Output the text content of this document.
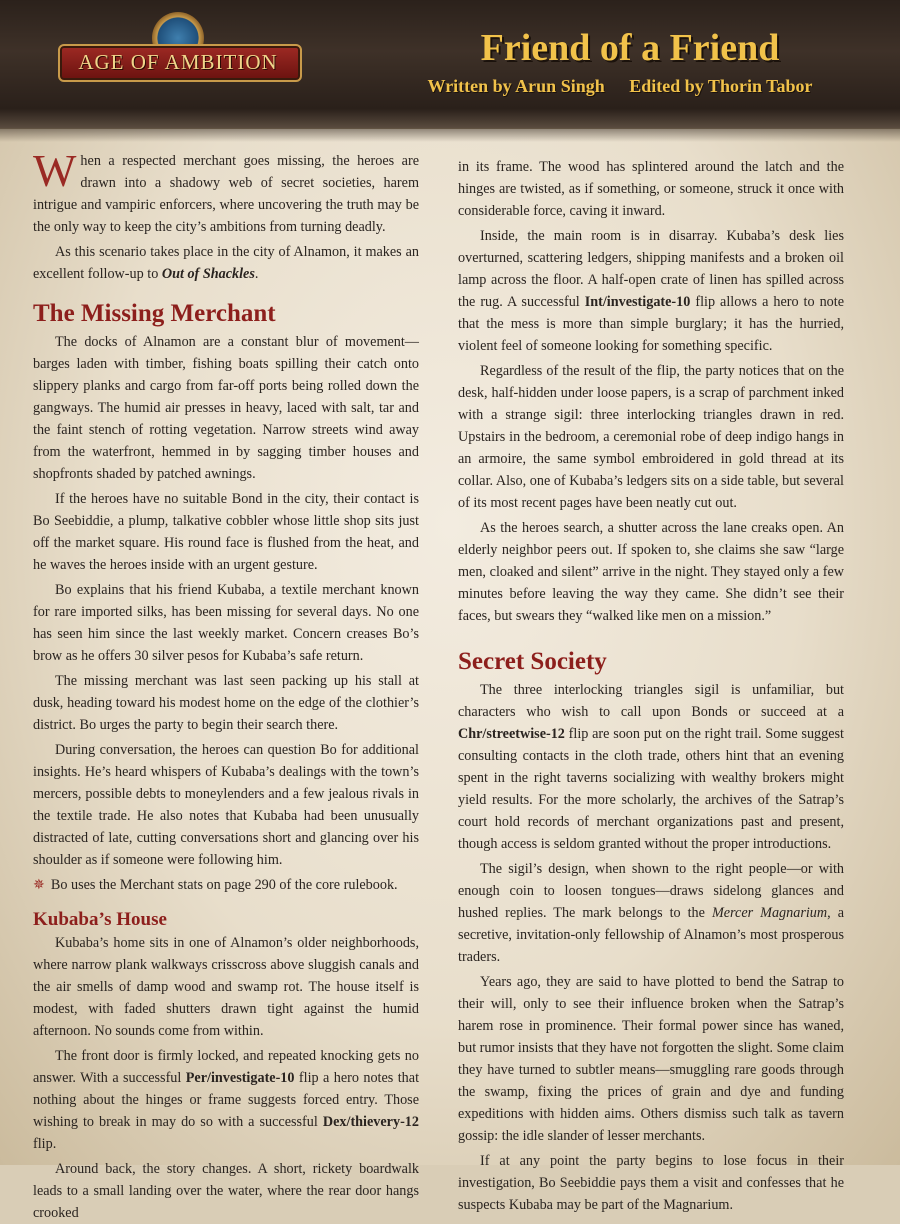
AGE OF AMBITION	Friend of a Friend
Written by Arun Singh Edited by Thorin Tabor

When a respected merchant goes missing, the heroes are drawn into a shadowy web of secret societies, harem intrigue and vampiric enforcers, where uncovering the truth may be the only way to keep the city’s ambitions from turning deadly.

As this scenario takes place in the city of Alnamon, it makes an excellent follow-up to Out of Shackles.

The Missing Merchant

The docks of Alnamon are a constant blur of movement—barges laden with timber, fishing boats spilling their catch onto slippery planks and cargo from far-off ports being rolled down the gangways. The humid air presses in heavy, laced with salt, tar and the faint stench of rotting vegetation. Narrow streets wind away from the waterfront, hemmed in by sagging timber houses and shopfronts shaded by patched awnings.

If the heroes have no suitable Bond in the city, their contact is Bo Seebiddie, a plump, talkative cobbler whose little shop sits just off the market square. His round face is flushed from the heat, and he waves the heroes inside with an urgent gesture.

Bo explains that his friend Kubaba, a textile merchant known for rare imported silks, has been missing for several days. No one has seen him since the last weekly market. Concern creases Bo’s brow as he offers 30 silver pesos for Kubaba’s safe return.

The missing merchant was last seen packing up his stall at dusk, heading toward his modest home on the edge of the clothier’s district. Bo urges the party to begin their search there.

During conversation, the heroes can question Bo for additional insights. He’s heard whispers of Kubaba’s dealings with the town’s mercers, possible debts to moneylenders and a few jealous rivals in the textile trade. He also notes that Kubaba had been unusually distracted of late, cutting conversations short and glancing over his shoulder as if someone were following him.

✵ Bo uses the Merchant stats on page 290 of the core rulebook.

Kubaba’s House

Kubaba’s home sits in one of Alnamon’s older neighborhoods, where narrow plank walkways crisscross above sluggish canals and the air smells of damp wood and swamp rot. The house itself is modest, with faded shutters drawn tight against the humid afternoon. No sounds come from within.

The front door is firmly locked, and repeated knocking gets no answer. With a successful Per/investigate-10 flip a hero notes that nothing about the hinges or frame suggests forced entry. Those wishing to break in may do so with a successful Dex/thievery-12 flip.

Around back, the story changes. A short, rickety boardwalk leads to a small landing over the water, where the rear door hangs crooked

in its frame. The wood has splintered around the latch and the hinges are twisted, as if something, or someone, struck it once with considerable force, caving it inward.

Inside, the main room is in disarray. Kubaba’s desk lies overturned, scattering ledgers, shipping manifests and a broken oil lamp across the floor. A half-open crate of linen has spilled across the rug. A successful Int/investigate-10 flip allows a hero to note that the mess is more than simple burglary; it has the hurried, violent feel of someone looking for something specific.

Regardless of the result of the flip, the party notices that on the desk, half-hidden under loose papers, is a scrap of parchment inked with a strange sigil: three interlocking triangles drawn in red. Upstairs in the bedroom, a ceremonial robe of deep indigo hangs in an armoire, the same symbol embroidered in gold thread at its collar. Also, one of Kubaba’s ledgers sits on a side table, but several of its most recent pages have been neatly cut out.

As the heroes search, a shutter across the lane creaks open. An elderly neighbor peers out. If spoken to, she claims she saw “large men, cloaked and silent” arrive in the night. They stayed only a few minutes before leaving the way they came. She didn’t see their faces, but swears they “walked like men on a mission.”

Secret Society

The three interlocking triangles sigil is unfamiliar, but characters who wish to call upon Bonds or succeed at a Chr/streetwise-12 flip are soon put on the right trail. Some suggest consulting contacts in the cloth trade, others hint that an evening spent in the right taverns socializing with wealthy brokers might yield results. For the more scholarly, the archives of the Satrap’s court hold records of merchant organizations past and present, though access is seldom granted without the proper introductions.

The sigil’s design, when shown to the right people—or with enough coin to loosen tongues—draws sidelong glances and hushed replies. The mark belongs to the Mercer Magnarium, a secretive, invitation-only fellowship of Alnamon’s most prosperous traders.

Years ago, they are said to have plotted to bend the Satrap to their will, only to see their influence broken when the Satrap’s harem rose in prominence. Their formal power since has waned, but rumor insists that they have not forgotten the slight. Some claim they have turned to subtler means—smuggling rare goods through the swamp, fixing the prices of grain and dye and funding expeditions with hidden aims. Others dismiss such talk as tavern gossip: the idle slander of lesser merchants.

If at any point the party begins to lose focus in their investigation, Bo Seebiddie pays them a visit and confesses that he suspects Kubaba may be part of the Magnarium.
